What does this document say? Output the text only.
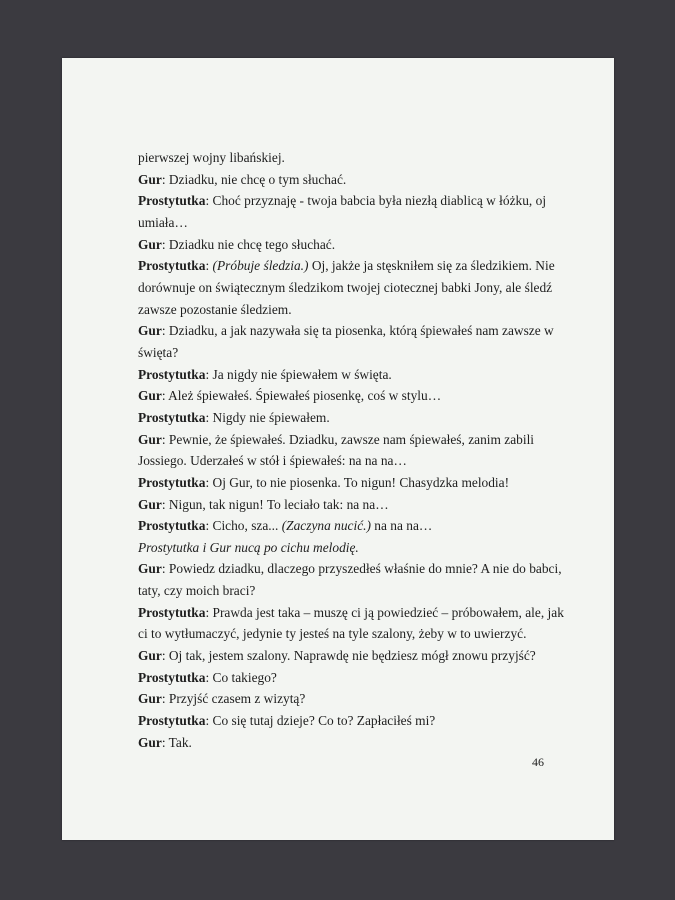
pierwszej wojny libańskiej.
Gur: Dziadku, nie chcę o tym słuchać.
Prostytutka: Choć przyznaję - twoja babcia była niezłą diablicą w łóżku, oj
umiała…
Gur: Dziadku nie chcę tego słuchać.
Prostytutka: (Próbuje śledzia.) Oj, jakże ja stęskniłem się za śledzikiem. Nie
dorównuje on świątecznym śledzikom twojej ciotecznej babki Jony, ale śledź
zawsze pozostanie śledziem.
Gur: Dziadku, a jak nazywała się ta piosenka, którą śpiewałeś nam zawsze w
święta?
Prostytutka: Ja nigdy nie śpiewałem w święta.
Gur: Ależ śpiewałeś. Śpiewałeś piosenkę, coś w stylu…
Prostytutka: Nigdy nie śpiewałem.
Gur: Pewnie, że śpiewałeś. Dziadku, zawsze nam śpiewałeś, zanim zabili
Jossiego. Uderzałeś w stół i śpiewałeś: na na na…
Prostytutka: Oj Gur, to nie piosenka. To nigun! Chasydzka melodia!
Gur: Nigun, tak nigun! To leciało tak: na na…
Prostytutka: Cicho, sza... (Zaczyna nucić.) na na na…
Prostytutka i Gur nucą po cichu melodię.
Gur: Powiedz dziadku, dlaczego przyszedłeś właśnie do mnie? A nie do babci,
taty, czy moich braci?
Prostytutka: Prawda jest taka – muszę ci ją powiedzieć – próbowałem, ale, jak
ci to wytłumaczyć, jedynie ty jesteś na tyle szalony, żeby w to uwierzyć.
Gur: Oj tak, jestem szalony. Naprawdę nie będziesz mógł znowu przyjść?
Prostytutka: Co takiego?
Gur: Przyjść czasem z wizytą?
Prostytutka: Co się tutaj dzieje? Co to? Zapłaciłeś mi?
Gur: Tak.
46
